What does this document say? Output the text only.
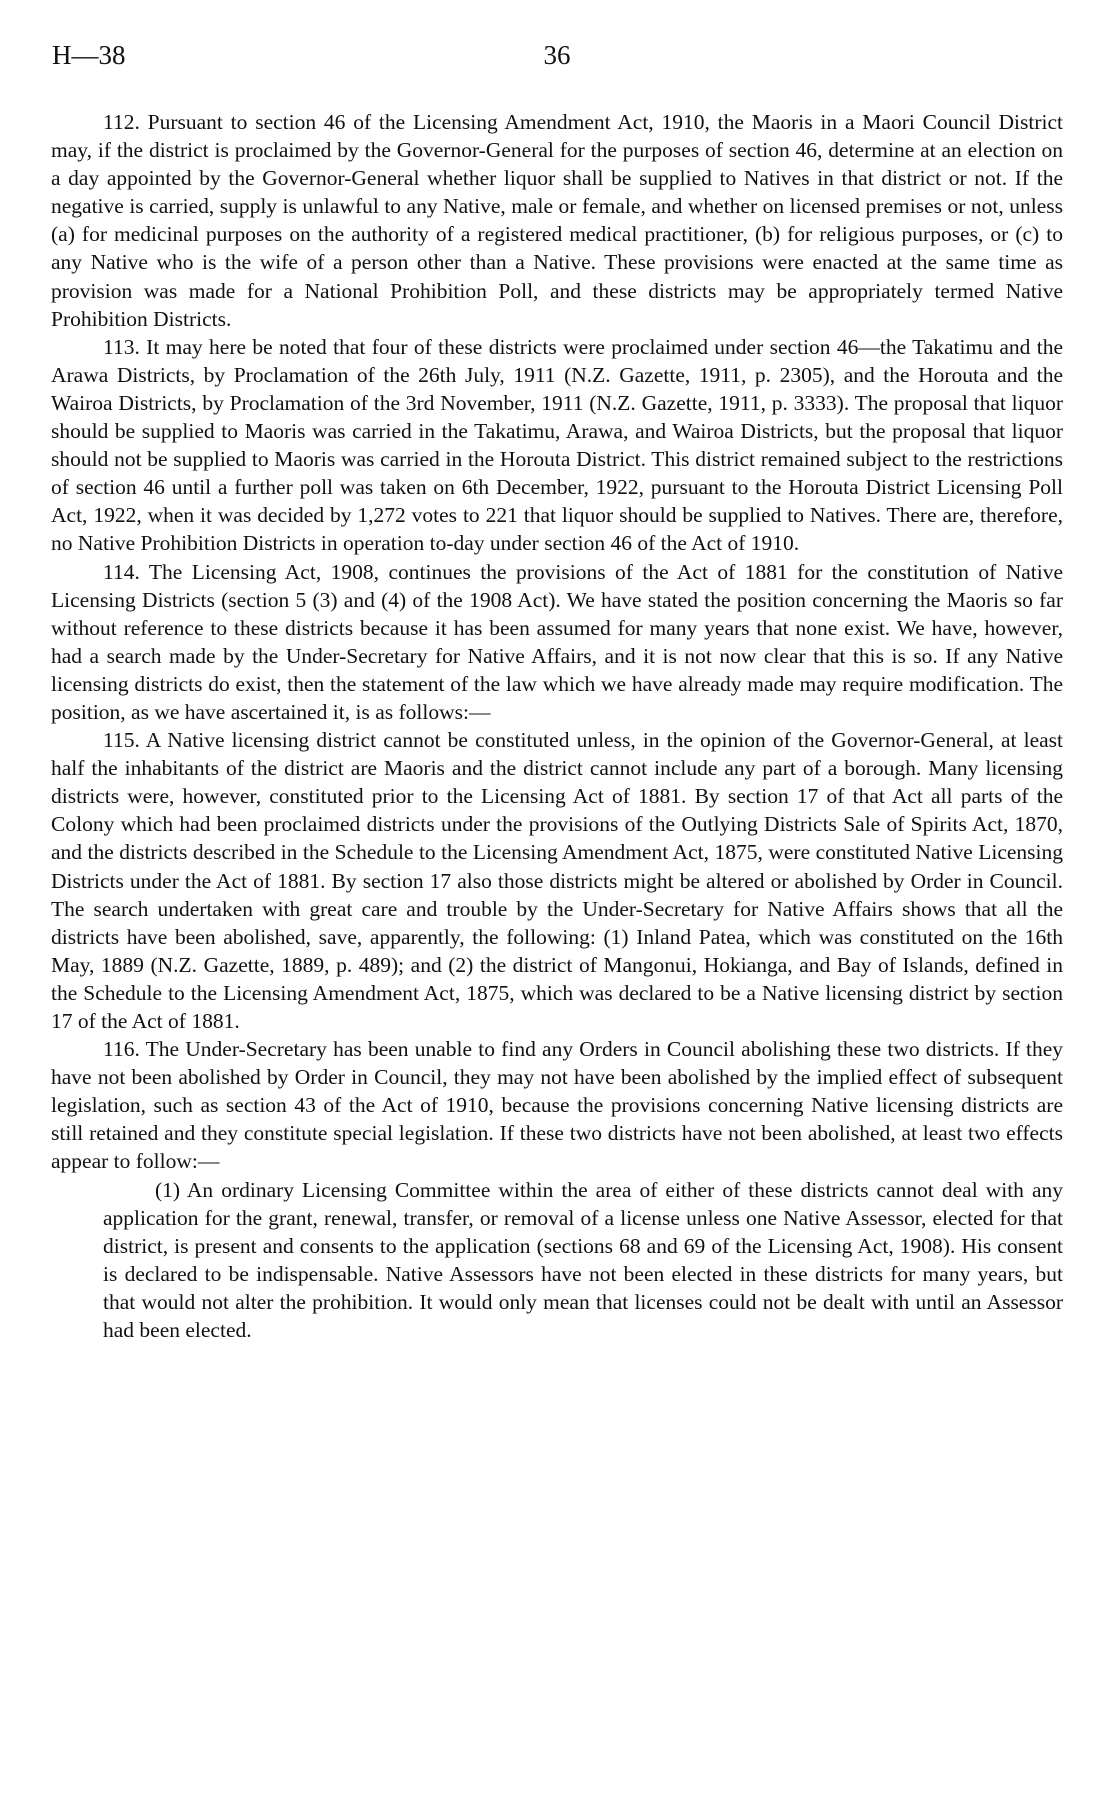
H—38	36

112. Pursuant to section 46 of the Licensing Amendment Act, 1910, the Maoris in a Maori Council District may, if the district is proclaimed by the Governor-General for the purposes of section 46, determine at an election on a day appointed by the Governor-General whether liquor shall be supplied to Natives in that district or not. If the negative is carried, supply is unlawful to any Native, male or female, and whether on licensed premises or not, unless (a) for medicinal purposes on the authority of a registered medical practitioner, (b) for religious purposes, or (c) to any Native who is the wife of a person other than a Native. These provisions were enacted at the same time as provision was made for a National Prohibition Poll, and these districts may be appropriately termed Native Prohibition Districts.

113. It may here be noted that four of these districts were proclaimed under section 46—the Takatimu and the Arawa Districts, by Proclamation of the 26th July, 1911 (N.Z. Gazette, 1911, p. 2305), and the Horouta and the Wairoa Districts, by Proclamation of the 3rd November, 1911 (N.Z. Gazette, 1911, p. 3333). The proposal that liquor should be supplied to Maoris was carried in the Takatimu, Arawa, and Wairoa Districts, but the proposal that liquor should not be supplied to Maoris was carried in the Horouta District. This district remained subject to the restrictions of section 46 until a further poll was taken on 6th December, 1922, pursuant to the Horouta District Licensing Poll Act, 1922, when it was decided by 1,272 votes to 221 that liquor should be supplied to Natives. There are, therefore, no Native Prohibition Districts in operation to-day under section 46 of the Act of 1910.

114. The Licensing Act, 1908, continues the provisions of the Act of 1881 for the constitution of Native Licensing Districts (section 5 (3) and (4) of the 1908 Act). We have stated the position concerning the Maoris so far without reference to these districts because it has been assumed for many years that none exist. We have, however, had a search made by the Under-Secretary for Native Affairs, and it is not now clear that this is so. If any Native licensing districts do exist, then the statement of the law which we have already made may require modification. The position, as we have ascertained it, is as follows:—

115. A Native licensing district cannot be constituted unless, in the opinion of the Governor-General, at least half the inhabitants of the district are Maoris and the district cannot include any part of a borough. Many licensing districts were, however, constituted prior to the Licensing Act of 1881. By section 17 of that Act all parts of the Colony which had been proclaimed districts under the provisions of the Outlying Districts Sale of Spirits Act, 1870, and the districts described in the Schedule to the Licensing Amendment Act, 1875, were constituted Native Licensing Districts under the Act of 1881. By section 17 also those districts might be altered or abolished by Order in Council. The search undertaken with great care and trouble by the Under-Secretary for Native Affairs shows that all the districts have been abolished, save, apparently, the following: (1) Inland Patea, which was constituted on the 16th May, 1889 (N.Z. Gazette, 1889, p. 489); and (2) the district of Mangonui, Hokianga, and Bay of Islands, defined in the Schedule to the Licensing Amendment Act, 1875, which was declared to be a Native licensing district by section 17 of the Act of 1881.

116. The Under-Secretary has been unable to find any Orders in Council abolishing these two districts. If they have not been abolished by Order in Council, they may not have been abolished by the implied effect of subsequent legislation, such as section 43 of the Act of 1910, because the provisions concerning Native licensing districts are still retained and they constitute special legislation. If these two districts have not been abolished, at least two effects appear to follow:—

(1) An ordinary Licensing Committee within the area of either of these districts cannot deal with any application for the grant, renewal, transfer, or removal of a license unless one Native Assessor, elected for that district, is present and consents to the application (sections 68 and 69 of the Licensing Act, 1908). His consent is declared to be indispensable. Native Assessors have not been elected in these districts for many years, but that would not alter the prohibition. It would only mean that licenses could not be dealt with until an Assessor had been elected.
